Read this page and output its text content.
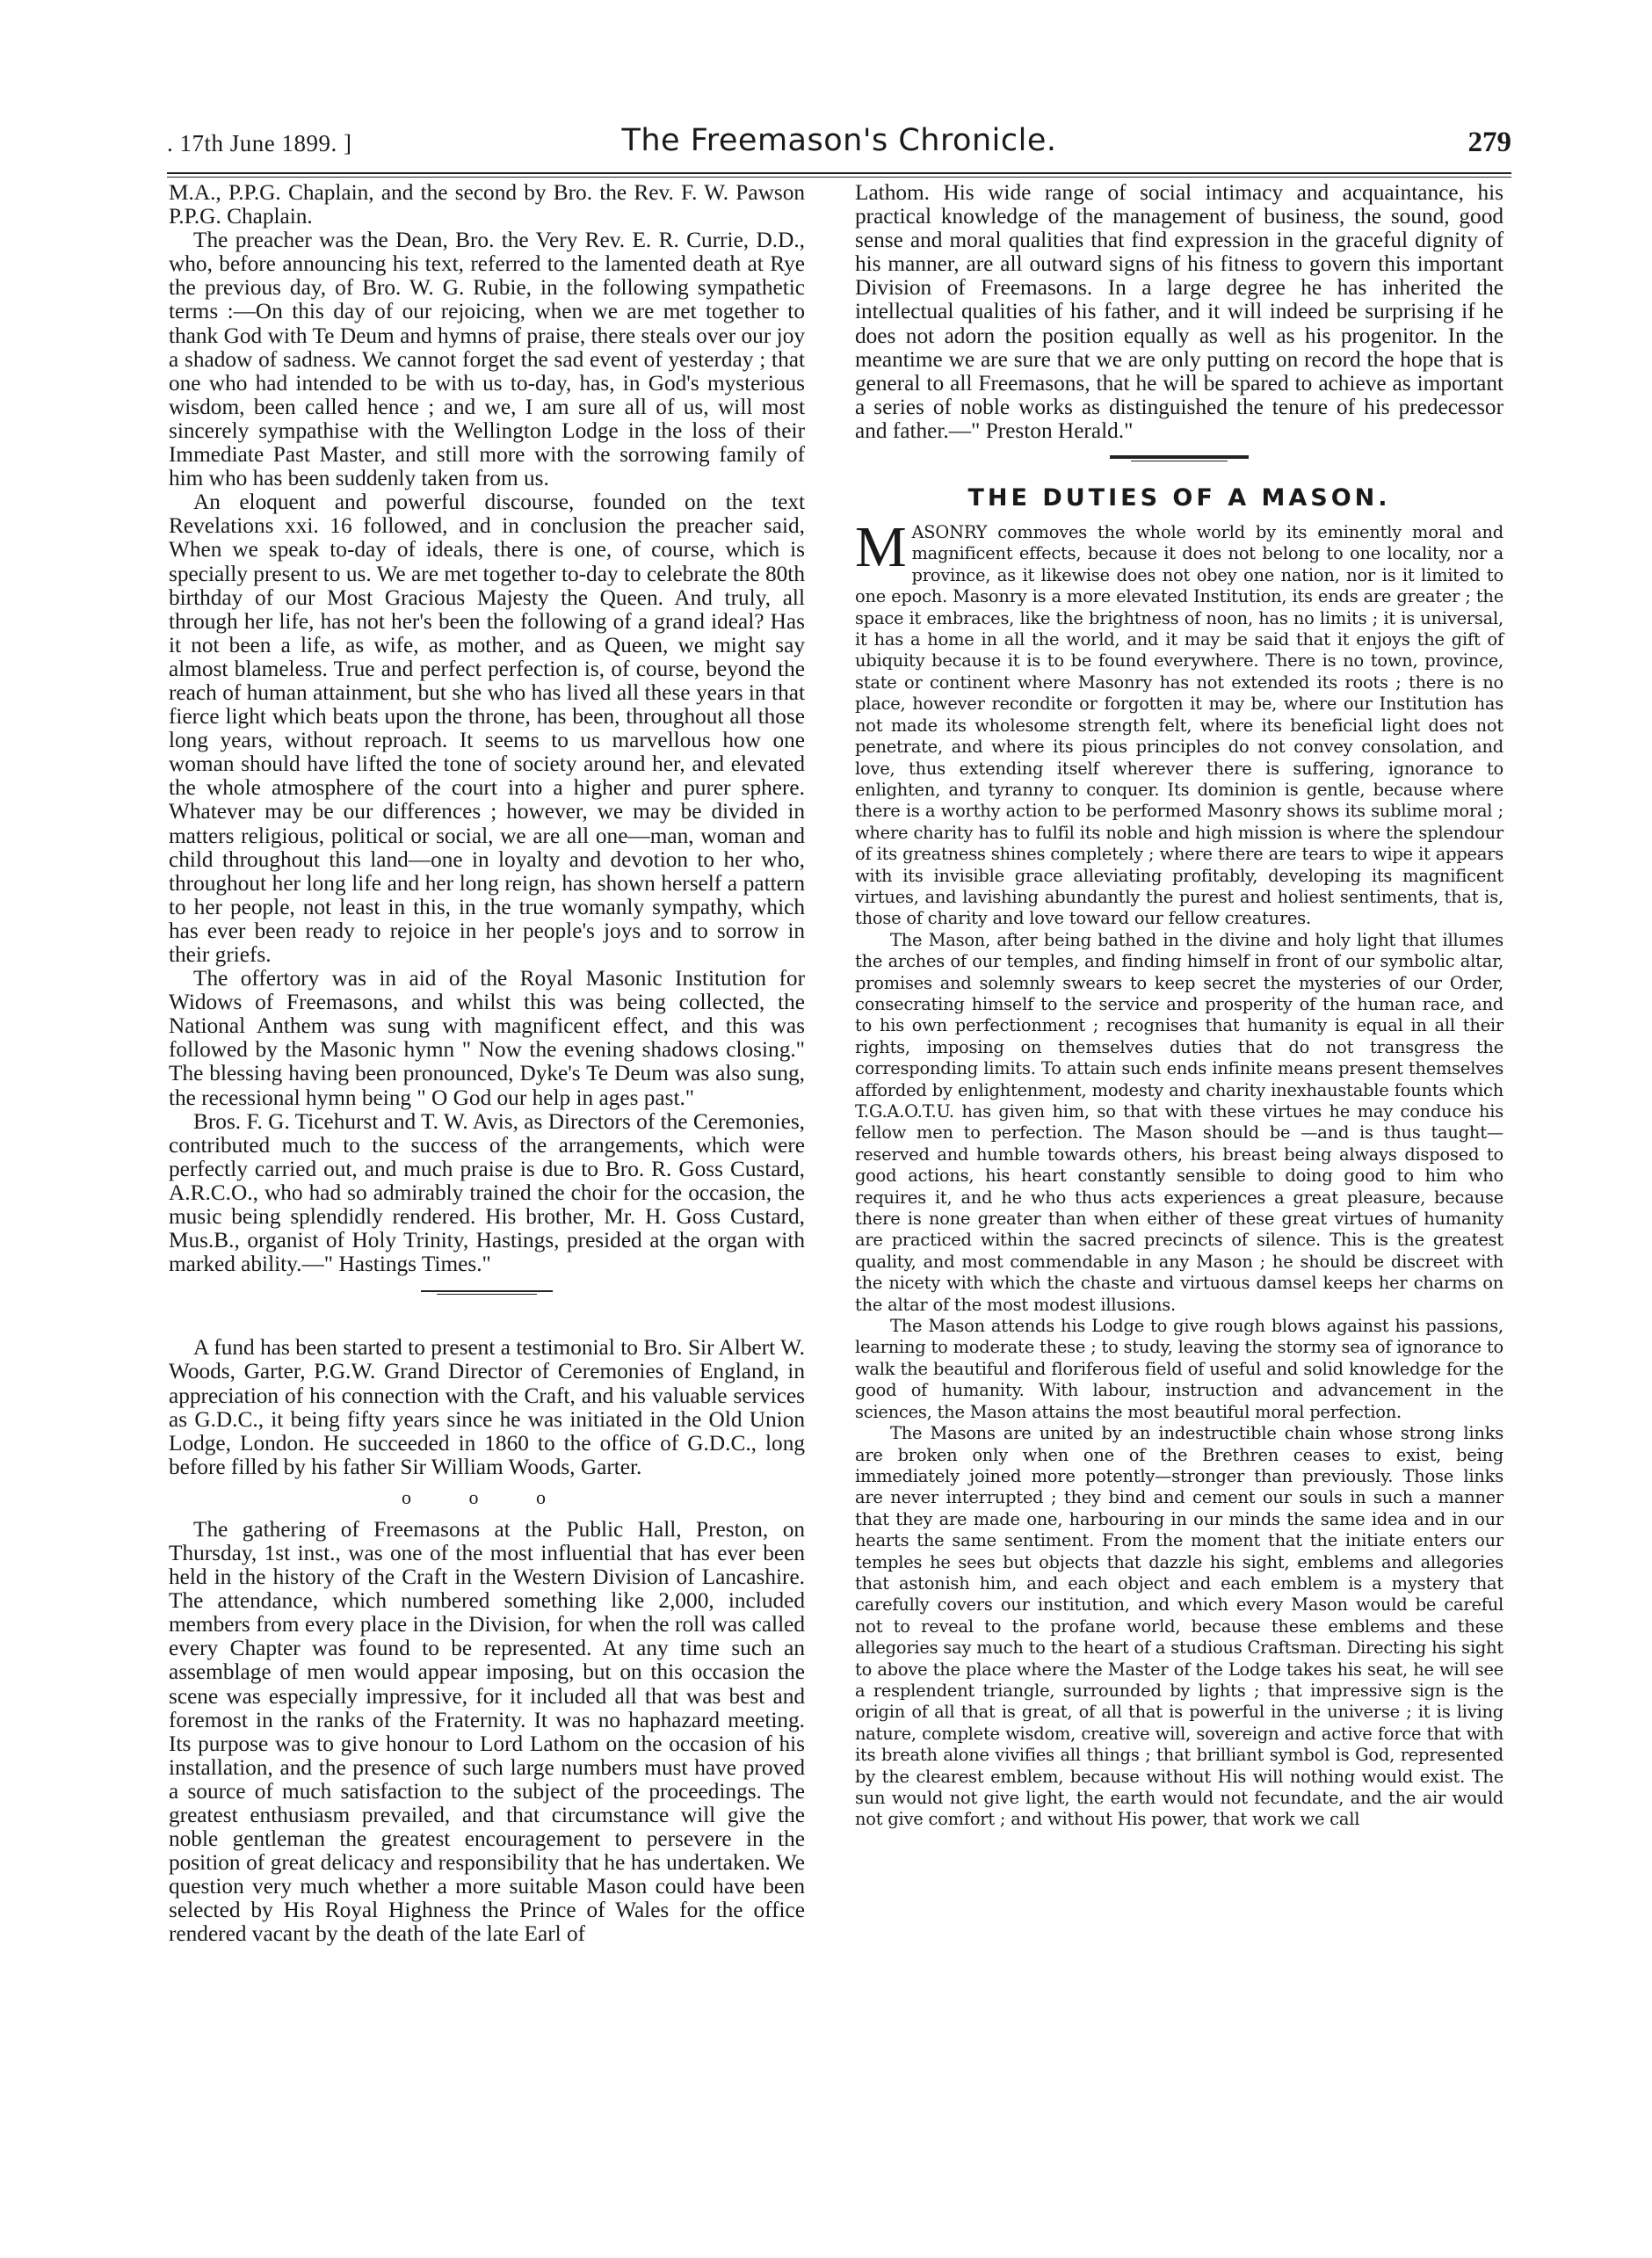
. 17th June 1899. ]	The Freemason's Chronicle.	279

M.A., P.P.G. Chaplain, and the second by Bro. the Rev. F. W. Pawson P.P.G. Chaplain.

The preacher was the Dean, Bro. the Very Rev. E. R. Currie, D.D., who, before announcing his text, referred to the lamented death at Rye the previous day, of Bro. W. G. Rubie, in the following sympathetic terms :—On this day of our rejoicing, when we are met together to thank God with Te Deum and hymns of praise, there steals over our joy a shadow of sadness. We cannot forget the sad event of yesterday ; that one who had intended to be with us to-day, has, in God's mysterious wisdom, been called hence ; and we, I am sure all of us, will most sincerely sympathise with the Wellington Lodge in the loss of their Immediate Past Master, and still more with the sorrowing family of him who has been suddenly taken from us.

An eloquent and powerful discourse, founded on the text Revelations xxi. 16 followed, and in conclusion the preacher said, When we speak to-day of ideals, there is one, of course, which is specially present to us. We are met together to-day to celebrate the 80th birthday of our Most Gracious Majesty the Queen. And truly, all through her life, has not her's been the following of a grand ideal? Has it not been a life, as wife, as mother, and as Queen, we might say almost blameless. True and perfect perfection is, of course, beyond the reach of human attainment, but she who has lived all these years in that fierce light which beats upon the throne, has been, throughout all those long years, without reproach. It seems to us marvellous how one woman should have lifted the tone of society around her, and elevated the whole atmosphere of the court into a higher and purer sphere. Whatever may be our differences ; however, we may be divided in matters religious, political or social, we are all one—man, woman and child throughout this land—one in loyalty and devotion to her who, throughout her long life and her long reign, has shown herself a pattern to her people, not least in this, in the true womanly sympathy, which has ever been ready to rejoice in her people's joys and to sorrow in their griefs.

The offertory was in aid of the Royal Masonic Institution for Widows of Freemasons, and whilst this was being collected, the National Anthem was sung with magnificent effect, and this was followed by the Masonic hymn " Now the evening shadows closing." The blessing having been pronounced, Dyke's Te Deum was also sung, the recessional hymn being " O God our help in ages past."

Bros. F. G. Ticehurst and T. W. Avis, as Directors of the Ceremonies, contributed much to the success of the arrangements, which were perfectly carried out, and much praise is due to Bro. R. Goss Custard, A.R.C.O., who had so admirably trained the choir for the occasion, the music being splendidly rendered. His brother, Mr. H. Goss Custard, Mus.B., organist of Holy Trinity, Hastings, presided at the organ with marked ability.—" Hastings Times."

A fund has been started to present a testimonial to Bro. Sir Albert W. Woods, Garter, P.G.W. Grand Director of Ceremonies of England, in appreciation of his connection with the Craft, and his valuable services as G.D.C., it being fifty years since he was initiated in the Old Union Lodge, London. He succeeded in 1860 to the office of G.D.C., long before filled by his father Sir William Woods, Garter.

o o o

The gathering of Freemasons at the Public Hall, Preston, on Thursday, 1st inst., was one of the most influential that has ever been held in the history of the Craft in the Western Division of Lancashire. The attendance, which numbered something like 2,000, included members from every place in the Division, for when the roll was called every Chapter was found to be represented. At any time such an assemblage of men would appear imposing, but on this occasion the scene was especially impressive, for it included all that was best and foremost in the ranks of the Fraternity. It was no haphazard meeting. Its purpose was to give honour to Lord Lathom on the occasion of his installation, and the presence of such large numbers must have proved a source of much satisfaction to the subject of the proceedings. The greatest enthusiasm prevailed, and that circumstance will give the noble gentleman the greatest encouragement to persevere in the position of great delicacy and responsibility that he has undertaken. We question very much whether a more suitable Mason could have been selected by His Royal Highness the Prince of Wales for the office rendered vacant by the death of the late Earl of

Lathom. His wide range of social intimacy and acquaintance, his practical knowledge of the management of business, the sound, good sense and moral qualities that find expression in the graceful dignity of his manner, are all outward signs of his fitness to govern this important Division of Freemasons. In a large degree he has inherited the intellectual qualities of his father, and it will indeed be surprising if he does not adorn the position equally as well as his progenitor. In the meantime we are sure that we are only putting on record the hope that is general to all Freemasons, that he will be spared to achieve as important a series of noble works as distinguished the tenure of his predecessor and father.—" Preston Herald."

THE DUTIES OF A MASON.

MASONRY commoves the whole world by its eminently moral and magnificent effects, because it does not belong to one locality, nor a province, as it likewise does not obey one nation, nor is it limited to one epoch. Masonry is a more elevated Institution, its ends are greater ; the space it embraces, like the brightness of noon, has no limits ; it is universal, it has a home in all the world, and it may be said that it enjoys the gift of ubiquity because it is to be found everywhere. There is no town, province, state or continent where Masonry has not extended its roots ; there is no place, however recondite or forgotten it may be, where our Institution has not made its wholesome strength felt, where its beneficial light does not penetrate, and where its pious principles do not convey consolation, and love, thus extending itself wherever there is suffering, ignorance to enlighten, and tyranny to conquer. Its dominion is gentle, because where there is a worthy action to be performed Masonry shows its sublime moral ; where charity has to fulfil its noble and high mission is where the splendour of its greatness shines completely ; where there are tears to wipe it appears with its invisible grace alleviating profitably, developing its magnificent virtues, and lavishing abundantly the purest and holiest sentiments, that is, those of charity and love toward our fellow creatures.

The Mason, after being bathed in the divine and holy light that illumes the arches of our temples, and finding himself in front of our symbolic altar, promises and solemnly swears to keep secret the mysteries of our Order, consecrating himself to the service and prosperity of the human race, and to his own perfectionment ; recognises that humanity is equal in all their rights, imposing on themselves duties that do not transgress the corresponding limits. To attain such ends infinite means present themselves afforded by enlightenment, modesty and charity inexhaustable founts which T.G.A.O.T.U. has given him, so that with these virtues he may conduce his fellow men to perfection. The Mason should be —and is thus taught—reserved and humble towards others, his breast being always disposed to good actions, his heart constantly sensible to doing good to him who requires it, and he who thus acts experiences a great pleasure, because there is none greater than when either of these great virtues of humanity are practiced within the sacred precincts of silence. This is the greatest quality, and most commendable in any Mason ; he should be discreet with the nicety with which the chaste and virtuous damsel keeps her charms on the altar of the most modest illusions.

The Mason attends his Lodge to give rough blows against his passions, learning to moderate these ; to study, leaving the stormy sea of ignorance to walk the beautiful and floriferous field of useful and solid knowledge for the good of humanity. With labour, instruction and advancement in the sciences, the Mason attains the most beautiful moral perfection.

The Masons are united by an indestructible chain whose strong links are broken only when one of the Brethren ceases to exist, being immediately joined more potently—stronger than previously. Those links are never interrupted ; they bind and cement our souls in such a manner that they are made one, harbouring in our minds the same idea and in our hearts the same sentiment. From the moment that the initiate enters our temples he sees but objects that dazzle his sight, emblems and allegories that astonish him, and each object and each emblem is a mystery that carefully covers our institution, and which every Mason would be careful not to reveal to the profane world, because these emblems and these allegories say much to the heart of a studious Craftsman. Directing his sight to above the place where the Master of the Lodge takes his seat, he will see a resplendent triangle, surrounded by lights ; that impressive sign is the origin of all that is great, of all that is powerful in the universe ; it is living nature, complete wisdom, creative will, sovereign and active force that with its breath alone vivifies all things ; that brilliant symbol is God, represented by the clearest emblem, because without His will nothing would exist. The sun would not give light, the earth would not fecundate, and the air would not give comfort ; and without His power, that work we call
